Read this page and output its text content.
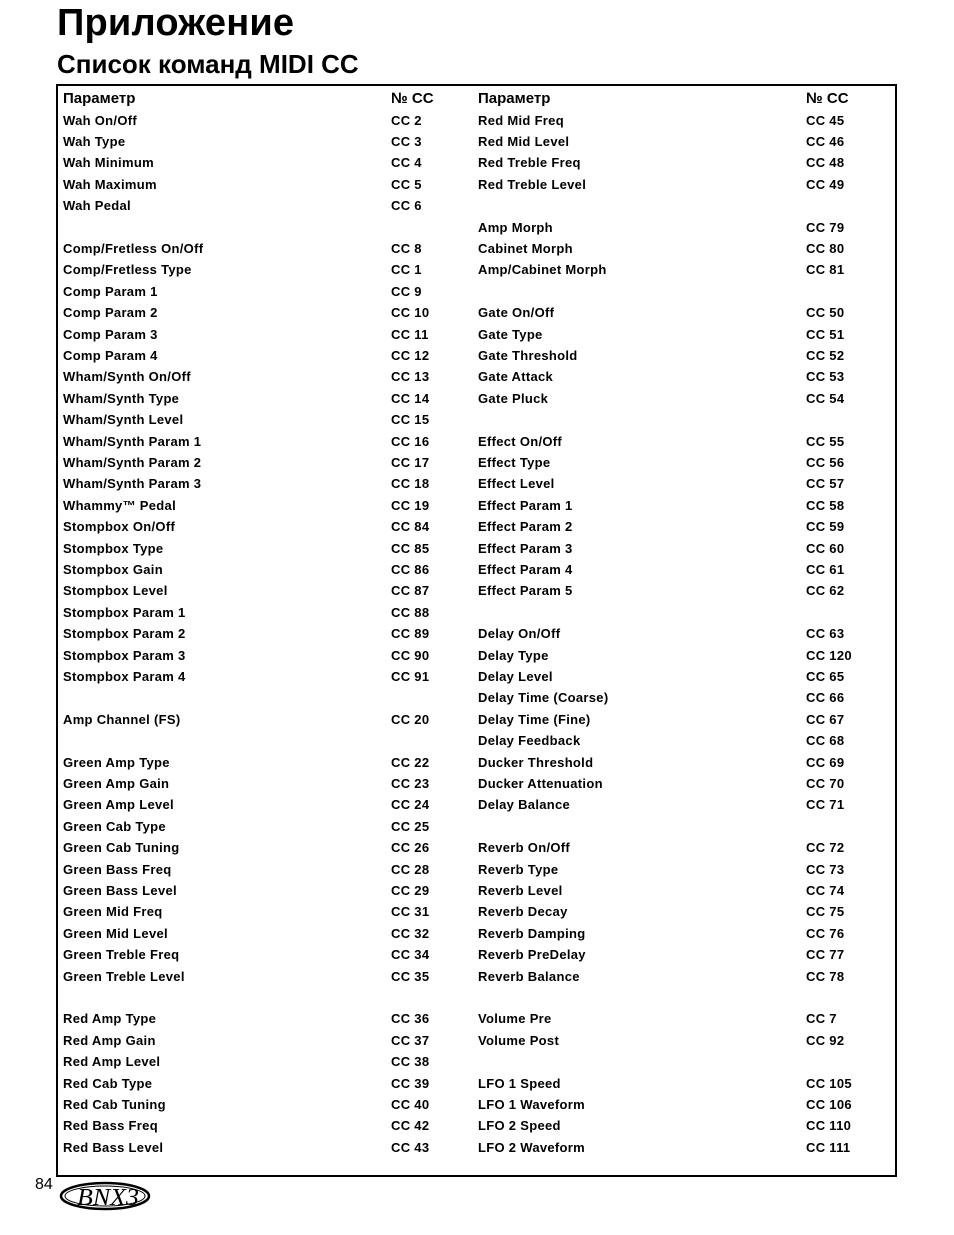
Приложение
Список команд MIDI CC
Параметр	№ CC
Wah On/Off	CC 2
Wah Type	CC 3
Wah Minimum	CC 4
Wah Maximum	CC 5
Wah Pedal	CC 6
Comp/Fretless On/Off	CC 8
Comp/Fretless Type	CC 1
Comp Param 1	CC 9
Comp Param 2	CC 10
Comp Param 3	CC 11
Comp Param 4	CC 12
Wham/Synth On/Off	CC 13
Wham/Synth Type	CC 14
Wham/Synth Level	CC 15
Wham/Synth Param 1	CC 16
Wham/Synth Param 2	CC 17
Wham/Synth Param 3	CC 18
Whammy™ Pedal	CC 19
Stompbox On/Off	CC 84
Stompbox Type	CC 85
Stompbox Gain	CC 86
Stompbox Level	CC 87
Stompbox Param 1	CC 88
Stompbox Param 2	CC 89
Stompbox Param 3	CC 90
Stompbox Param 4	CC 91
Amp Channel (FS)	CC 20
Green Amp Type	CC 22
Green Amp Gain	CC 23
Green Amp Level	CC 24
Green Cab Type	CC 25
Green Cab Tuning	CC 26
Green Bass Freq	CC 28
Green Bass Level	CC 29
Green Mid Freq	CC 31
Green Mid Level	CC 32
Green Treble Freq	CC 34
Green Treble Level	CC 35
Red Amp Type	CC 36
Red Amp Gain	CC 37
Red Amp Level	CC 38
Red Cab Type	CC 39
Red Cab Tuning	CC 40
Red Bass Freq	CC 42
Red Bass Level	CC 43
Параметр	№ CC
Red Mid Freq	CC 45
Red Mid Level	CC 46
Red Treble Freq	CC 48
Red Treble Level	CC 49
Amp Morph	CC 79
Cabinet Morph	CC 80
Amp/Cabinet Morph	CC 81
Gate On/Off	CC 50
Gate Type	CC 51
Gate Threshold	CC 52
Gate Attack	CC 53
Gate Pluck	CC 54
Effect On/Off	CC 55
Effect Type	CC 56
Effect Level	CC 57
Effect Param 1	CC 58
Effect Param 2	CC 59
Effect Param 3	CC 60
Effect Param 4	CC 61
Effect Param 5	CC 62
Delay On/Off	CC 63
Delay Type	CC 120
Delay Level	CC 65
Delay Time (Coarse)	CC 66
Delay Time (Fine)	CC 67
Delay Feedback	CC 68
Ducker Threshold	CC 69
Ducker Attenuation	CC 70
Delay Balance	CC 71
Reverb On/Off	CC 72
Reverb Type	CC 73
Reverb Level	CC 74
Reverb Decay	CC 75
Reverb Damping	CC 76
Reverb PreDelay	CC 77
Reverb Balance	CC 78
Volume Pre	CC 7
Volume Post	CC 92
LFO 1 Speed	CC 105
LFO 1 Waveform	CC 106
LFO 2 Speed	CC 110
LFO 2 Waveform	CC 111
84
BNX3
